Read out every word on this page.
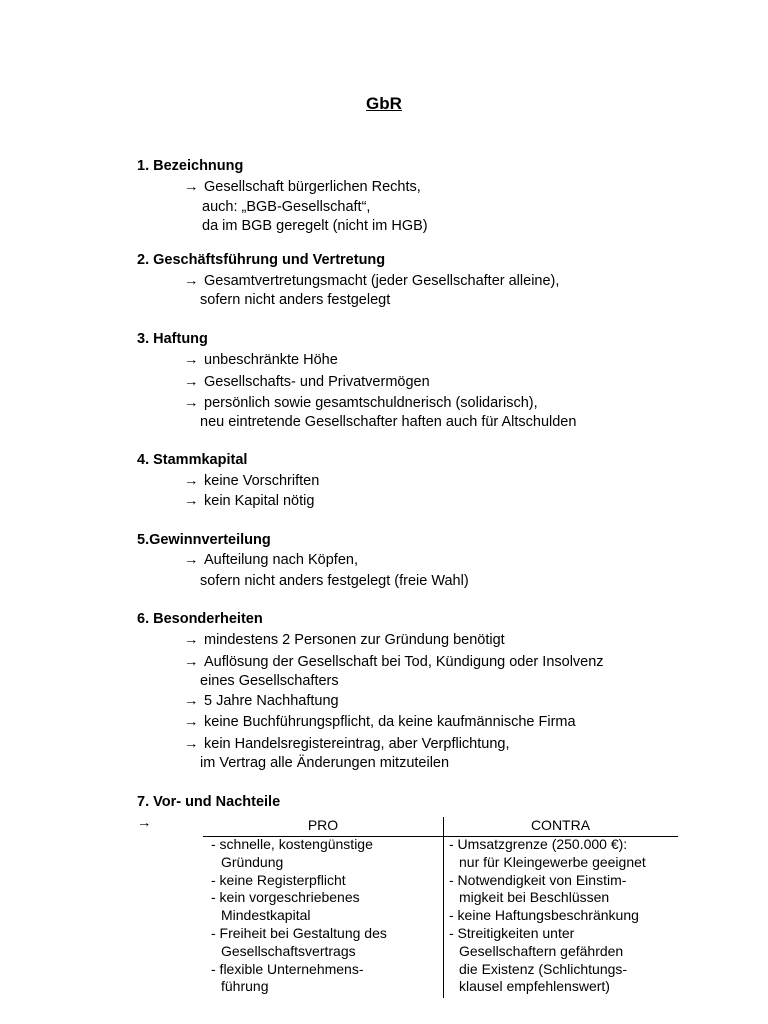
GbR
1. Bezeichnung
→ Gesellschaft bürgerlichen Rechts,
auch: „BGB-Gesellschaft“,
da im BGB geregelt (nicht im HGB)
2. Geschäftsführung und Vertretung
→ Gesamtvertretungsmacht (jeder Gesellschafter alleine),
sofern nicht anders festgelegt
3. Haftung
→ unbeschränkte Höhe
→ Gesellschafts- und Privatvermögen
→ persönlich sowie gesamtschuldnerisch (solidarisch),
neu eintretende Gesellschafter haften auch für Altschulden
4. Stammkapital
→ keine Vorschriften
→ kein Kapital nötig
5.Gewinnverteilung
→ Aufteilung nach Köpfen,
sofern nicht anders festgelegt (freie Wahl)
6. Besonderheiten
→ mindestens 2 Personen zur Gründung benötigt
→ Auflösung der Gesellschaft bei Tod, Kündigung oder Insolvenz
eines Gesellschafters
→ 5 Jahre Nachhaftung
→ keine Buchführungspflicht, da keine kaufmännische Firma
→ kein Handelsregistereintrag, aber Verpflichtung,
im Vertrag alle Änderungen mitzuteilen
7. Vor- und Nachteile
→	PRO	CONTRA
- schnelle, kostengünstige
Gründung
- keine Registerpflicht
- kein vorgeschriebenes
Mindestkapital
- Freiheit bei Gestaltung des
Gesellschaftsvertrags
- flexible Unternehmens-
führung
- Umsatzgrenze (250.000 €):
nur für Kleingewerbe geeignet
- Notwendigkeit von Einstim-
migkeit bei Beschlüssen
- keine Haftungsbeschränkung
- Streitigkeiten unter
Gesellschaftern gefährden
die Existenz (Schlichtungs-
klausel empfehlenswert)
